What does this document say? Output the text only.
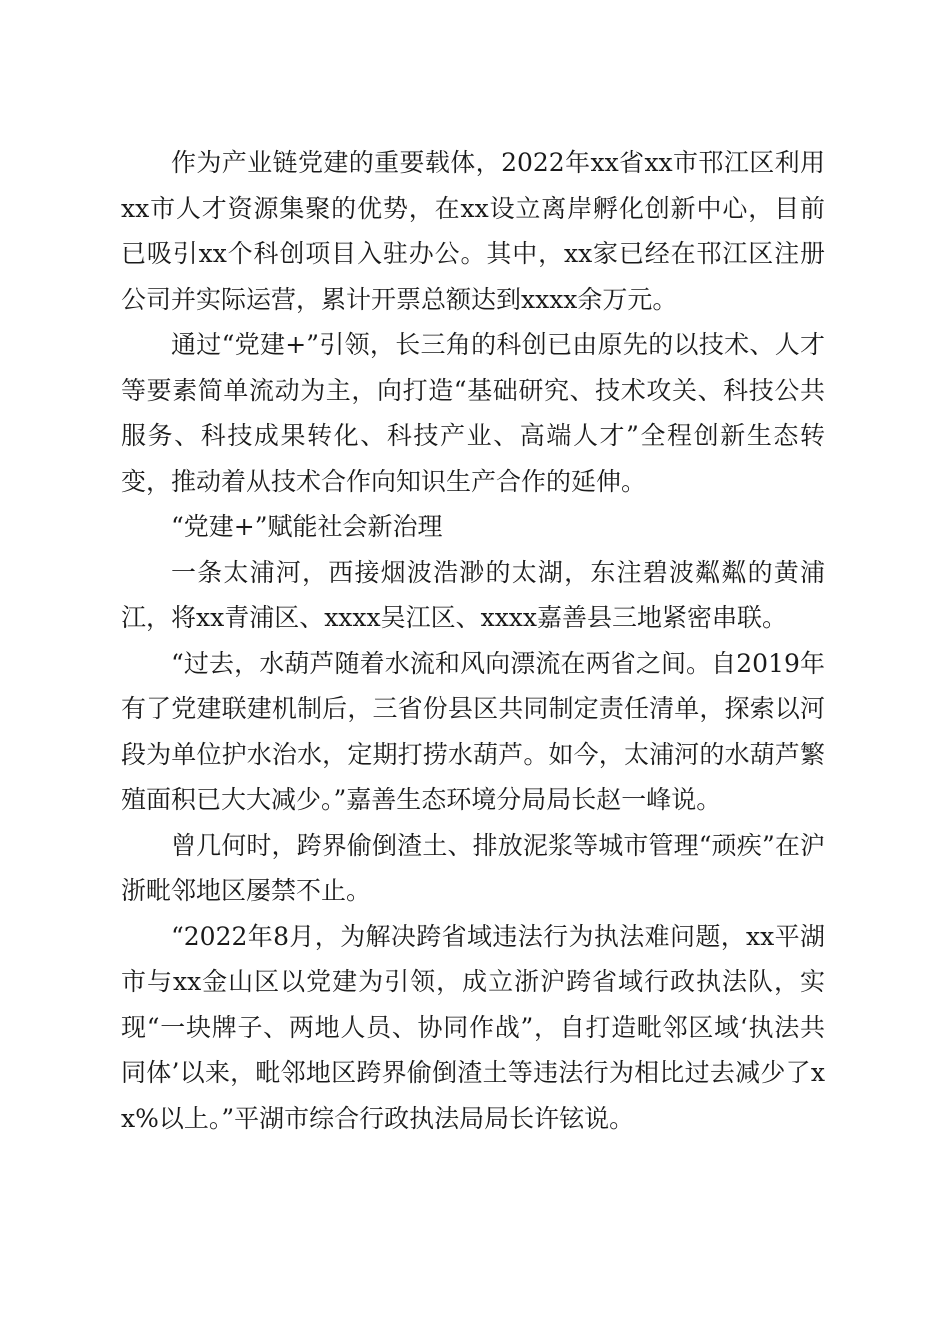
作为产业链党建的重要载体，2022年xx省xx市邗江区利用xx市人才资源集聚的优势，在xx设立离岸孵化创新中心，目前已吸引xx个科创项目入驻办公。其中，xx家已经在邗江区注册公司并实际运营，累计开票总额达到xxxx余万元。

通过“党建+”引领，长三角的科创已由原先的以技术、人才等要素简单流动为主，向打造“基础研究、技术攻关、科技公共服务、科技成果转化、科技产业、高端人才”全程创新生态转变，推动着从技术合作向知识生产合作的延伸。

“党建+”赋能社会新治理

一条太浦河，西接烟波浩渺的太湖，东注碧波粼粼的黄浦江，将xx青浦区、xxxx吴江区、xxxx嘉善县三地紧密串联。

“过去，水葫芦随着水流和风向漂流在两省之间。自2019年有了党建联建机制后，三省份县区共同制定责任清单，探索以河段为单位护水治水，定期打捞水葫芦。如今，太浦河的水葫芦繁殖面积已大大减少。”嘉善生态环境分局局长赵一峰说。

曾几何时，跨界偷倒渣土、排放泥浆等城市管理“顽疾”在沪浙毗邻地区屡禁不止。

“2022年8月，为解决跨省域违法行为执法难问题，xx平湖市与xx金山区以党建为引领，成立浙沪跨省域行政执法队，实现“一块牌子、两地人员、协同作战”，自打造毗邻区域‘执法共同体’以来，毗邻地区跨界偷倒渣土等违法行为相比过去减少了xx%以上。”平湖市综合行政执法局局长许铉说。
